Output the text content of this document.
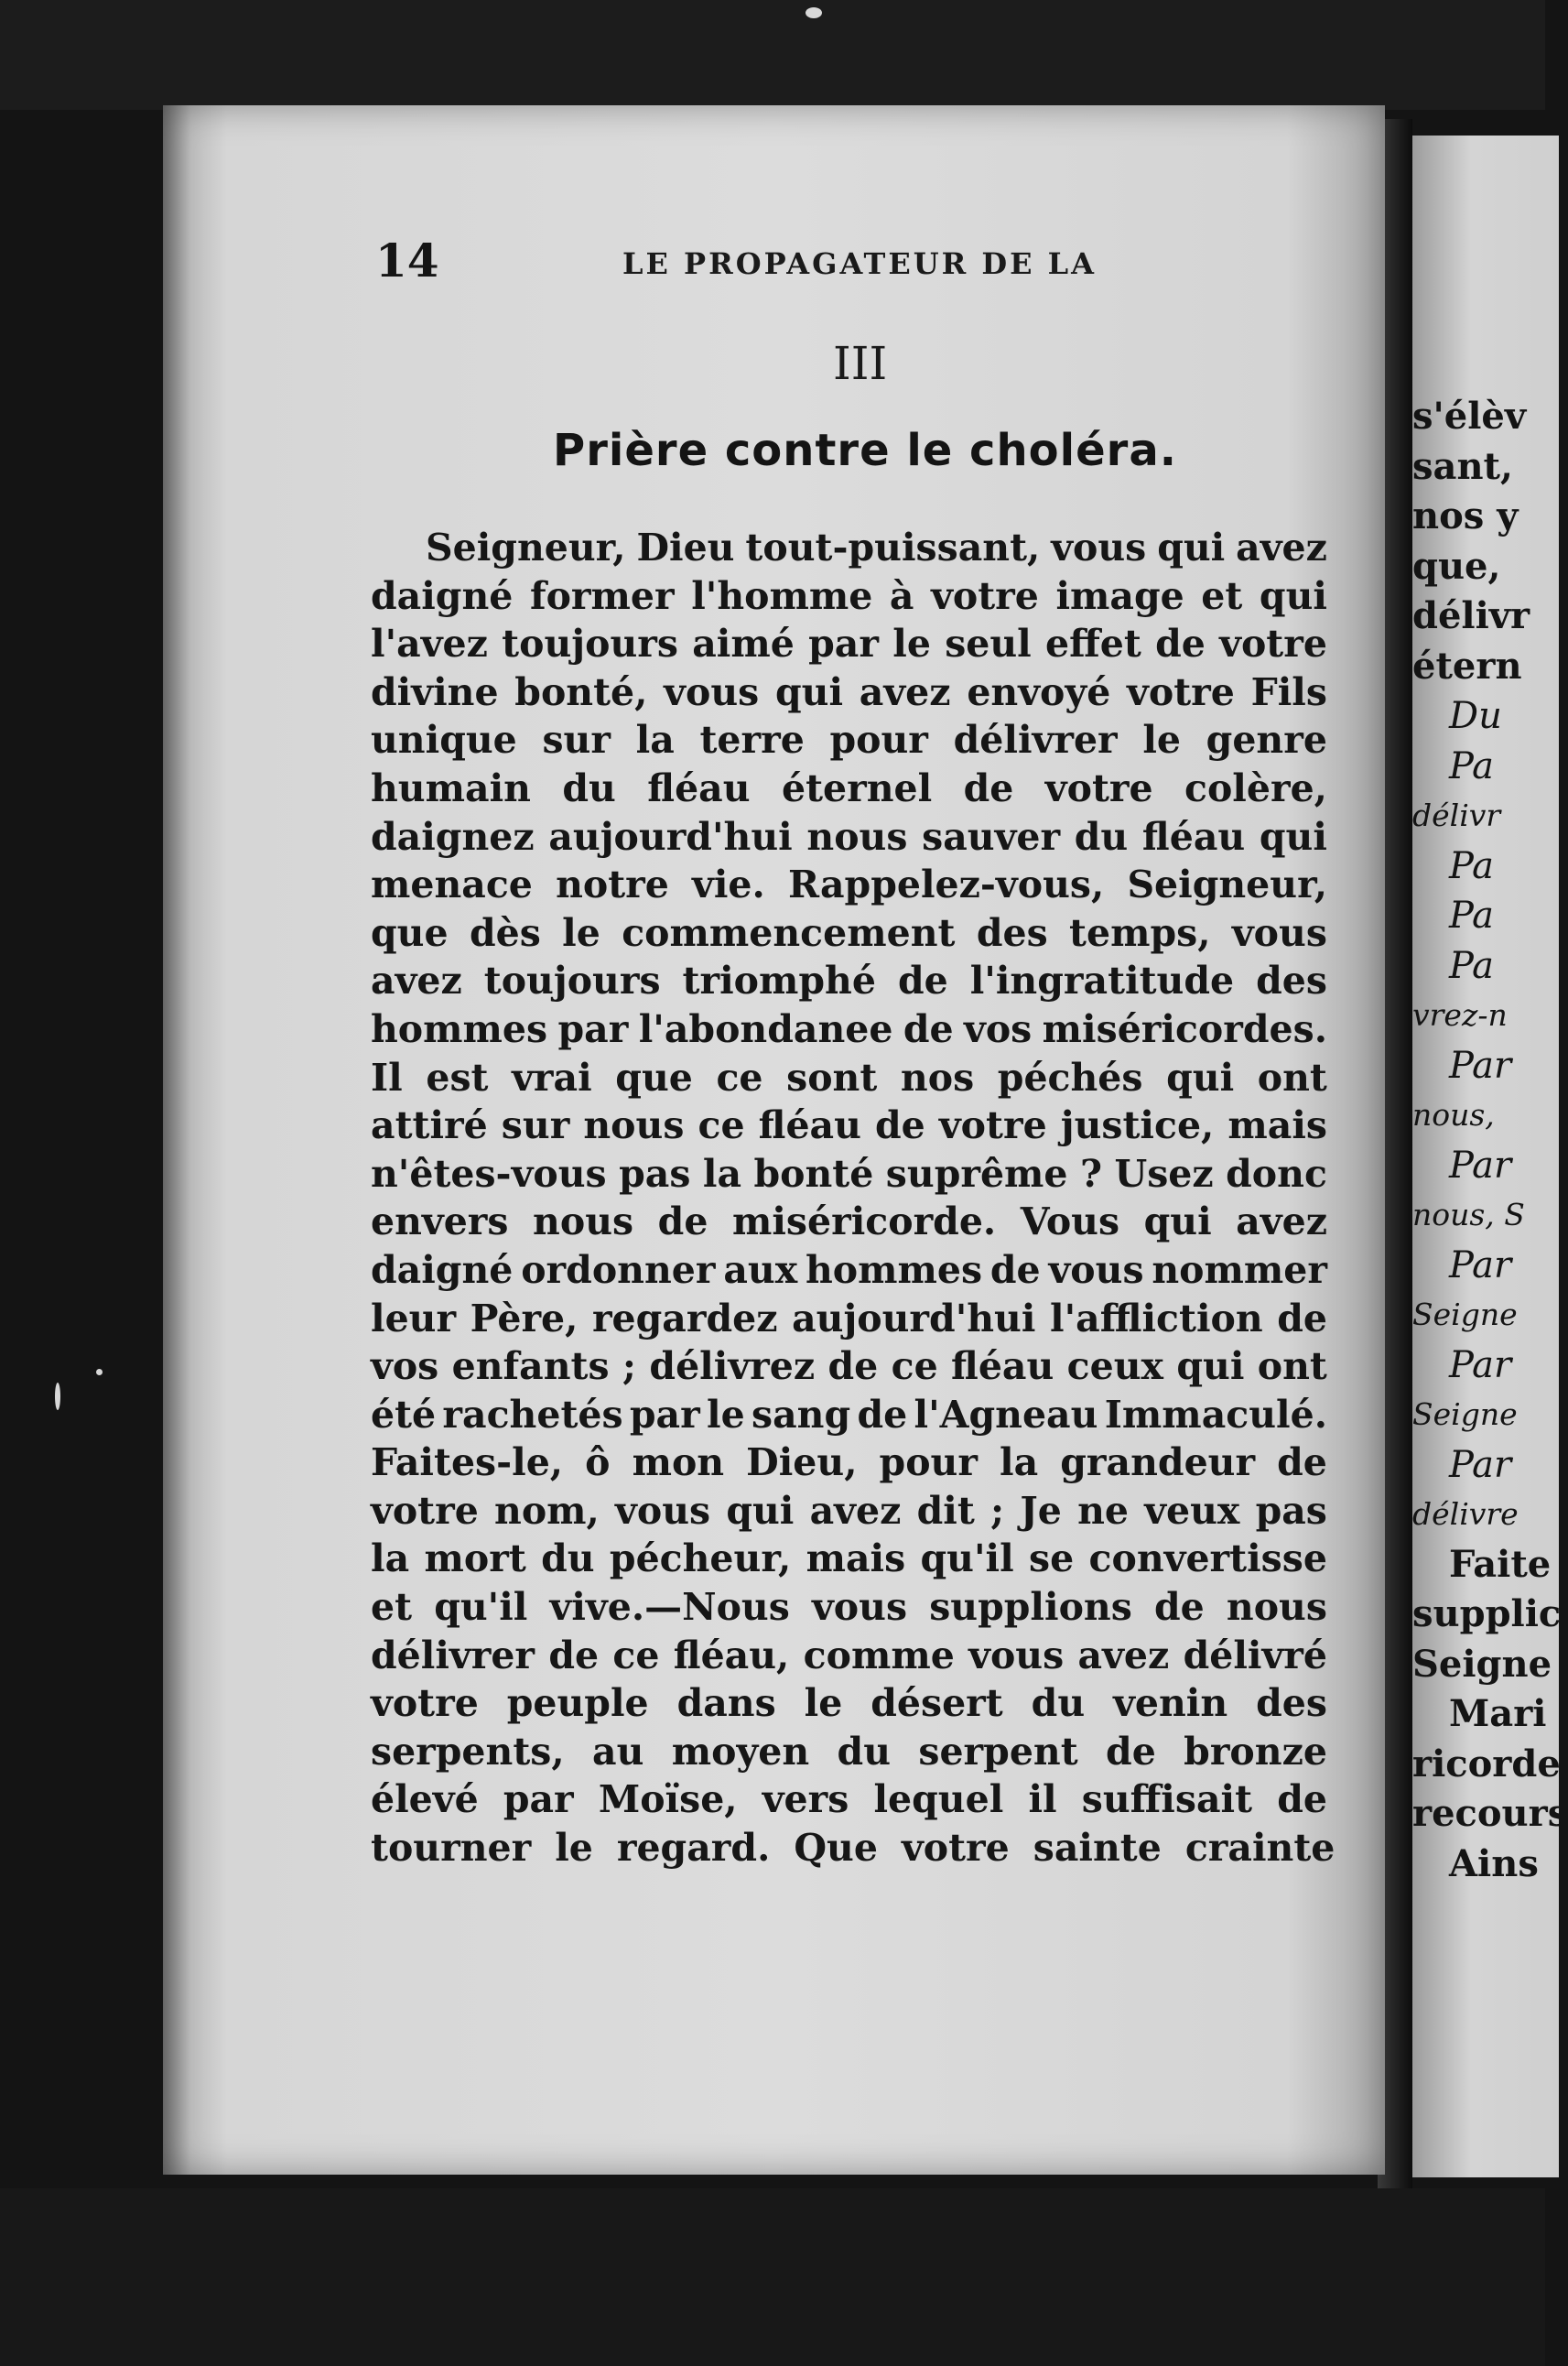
s'élèv
sant,
nos y
que,
délivr
étern
Du
Pa
délivr
Pa
Pa
Pa
vrez-n
Par
nous,
Par
nous, S
Par
Seigne
Par
Seigne
Par
délivre
Faite
supplic
Seigne
Mari
ricorde
recours
Ains
14	LE PROPAGATEUR DE LA
III
Prière contre le choléra.
Seigneur, Dieu tout-puissant, vous qui avez
daigné former l'homme à votre image et qui
l'avez toujours aimé par le seul effet de votre
divine bonté, vous qui avez envoyé votre Fils
unique sur la terre pour délivrer le genre
humain du fléau éternel de votre colère,
daignez aujourd'hui nous sauver du fléau qui
menace notre vie. Rappelez-vous, Seigneur,
que dès le commencement des temps, vous
avez toujours triomphé de l'ingratitude des
hommes par l'abondanee de vos miséricordes.
Il est vrai que ce sont nos péchés qui ont
attiré sur nous ce fléau de votre justice, mais
n'êtes-vous pas la bonté suprême ? Usez donc
envers nous de miséricorde. Vous qui avez
daigné ordonner aux hommes de vous nommer
leur Père, regardez aujourd'hui l'affliction de
vos enfants ; délivrez de ce fléau ceux qui ont
été rachetés par le sang de l'Agneau Immaculé.
Faites-le, ô mon Dieu, pour la grandeur de
votre nom, vous qui avez dit ; Je ne veux pas
la mort du pécheur, mais qu'il se convertisse
et qu'il vive.—Nous vous supplions de nous
délivrer de ce fléau, comme vous avez délivré
votre peuple dans le désert du venin des
serpents, au moyen du serpent de bronze
élevé par Moïse, vers lequel il suffisait de
tourner le regard. Que votre sainte crainte
